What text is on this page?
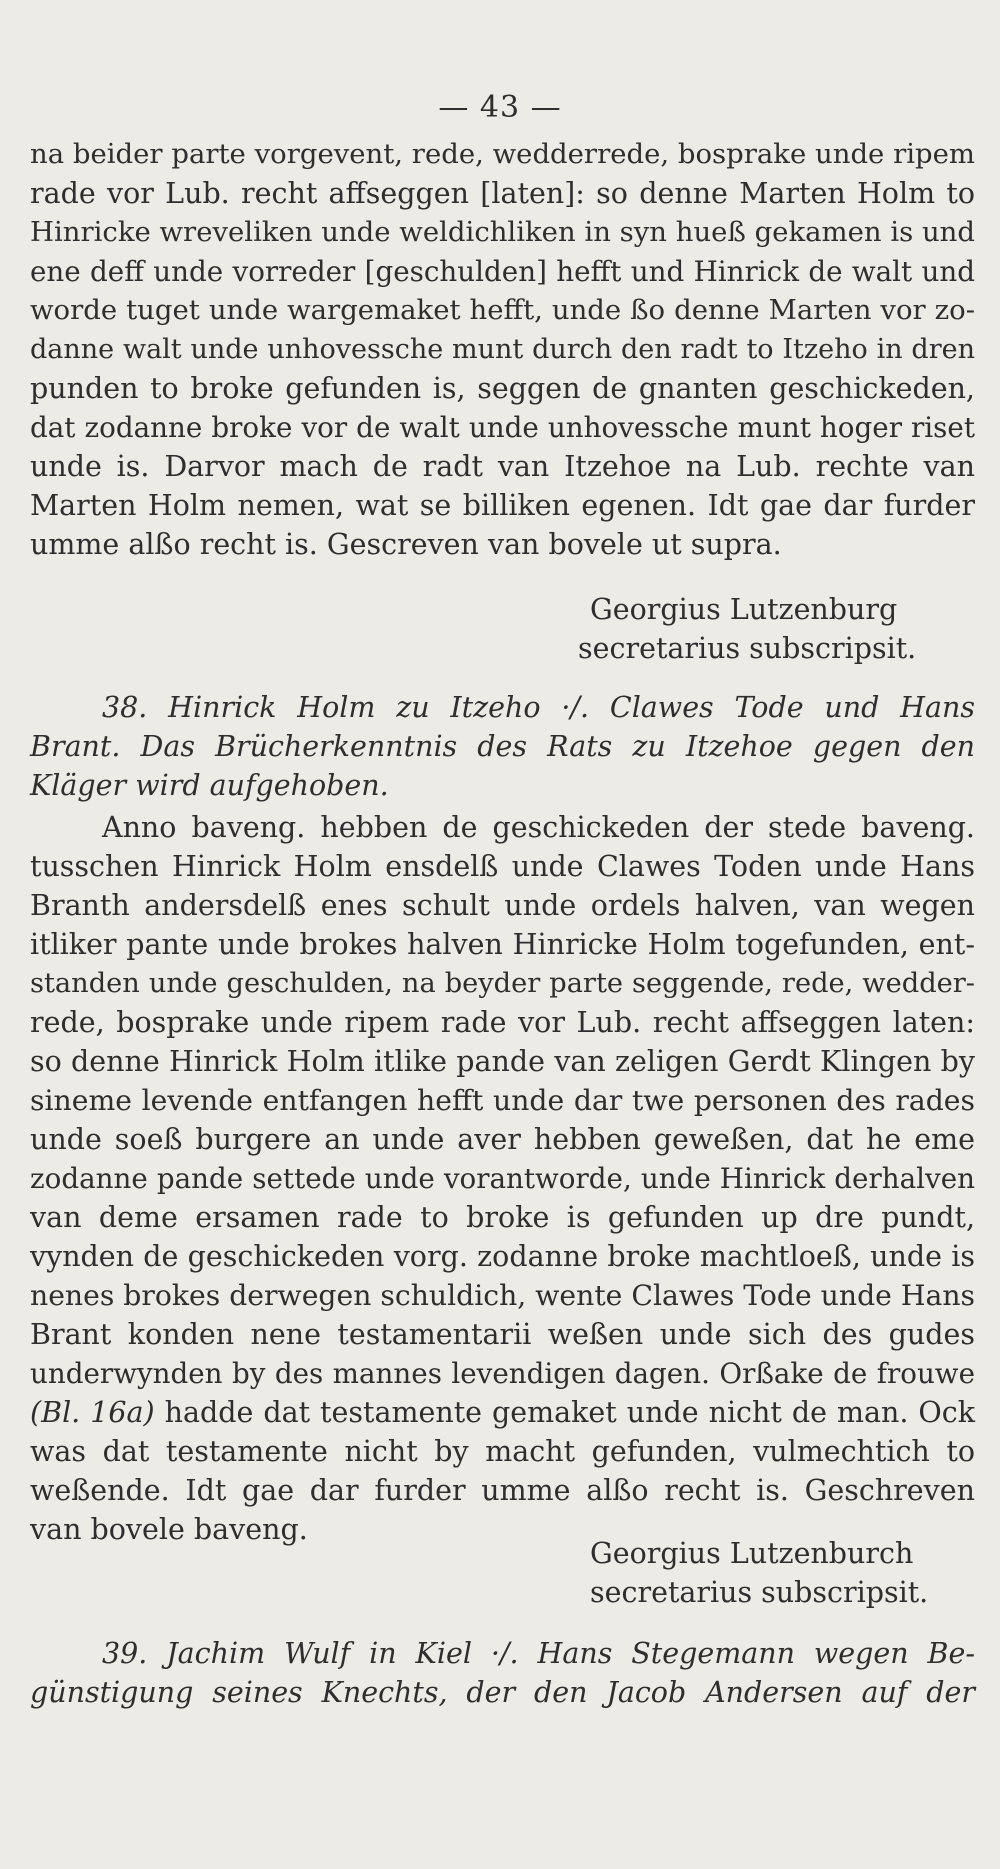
— 43 —
na beider parte vorgevent, rede, wedderrede, bosprake unde ripem
rade vor Lub. recht affseggen [laten]: so denne Marten Holm to
Hinricke wreveliken unde weldichliken in syn hueß gekamen is und
ene deff unde vorreder [geschulden] hefft und Hinrick de walt und
worde tuget unde wargemaket hefft, unde ßo denne Marten vor zo-
danne walt unde unhovessche munt durch den radt to Itzeho in dren
punden to broke gefunden is, seggen de gnanten geschickeden,
dat zodanne broke vor de walt unde unhovessche munt hoger riset
unde is. Darvor mach de radt van Itzehoe na Lub. rechte van
Marten Holm nemen, wat se billiken egenen. Idt gae dar furder
umme alßo recht is. Gescreven van bovele ut supra.
Georgius Lutzenburg
secretarius subscripsit.
38. Hinrick Holm zu Itzeho ·/. Clawes Tode und Hans
Brant. Das Brücherkenntnis des Rats zu Itzehoe gegen den
Kläger wird aufgehoben.
Anno baveng. hebben de geschickeden der stede baveng.
tusschen Hinrick Holm ensdelß unde Clawes Toden unde Hans
Branth andersdelß enes schult unde ordels halven, van wegen
itliker pante unde brokes halven Hinricke Holm togefunden, ent-
standen unde geschulden, na beyder parte seggende, rede, wedder-
rede, bosprake unde ripem rade vor Lub. recht affseggen laten:
so denne Hinrick Holm itlike pande van zeligen Gerdt Klingen by
sineme levende entfangen hefft unde dar twe personen des rades
unde soeß burgere an unde aver hebben geweßen, dat he eme
zodanne pande settede unde vorantworde, unde Hinrick derhalven
van deme ersamen rade to broke is gefunden up dre pundt,
vynden de geschickeden vorg. zodanne broke machtloeß, unde is
nenes brokes derwegen schuldich, wente Clawes Tode unde Hans
Brant konden nene testamentarii weßen unde sich des gudes
underwynden by des mannes levendigen dagen. Orßake de frouwe
(Bl. 16a) hadde dat testamente gemaket unde nicht de man. Ock
was dat testamente nicht by macht gefunden, vulmechtich to
weßende. Idt gae dar furder umme alßo recht is. Geschreven
van bovele baveng.
Georgius Lutzenburch
secretarius subscripsit.
39. Jachim Wulf in Kiel ·/. Hans Stegemann wegen Be-
günstigung seines Knechts, der den Jacob Andersen auf der
